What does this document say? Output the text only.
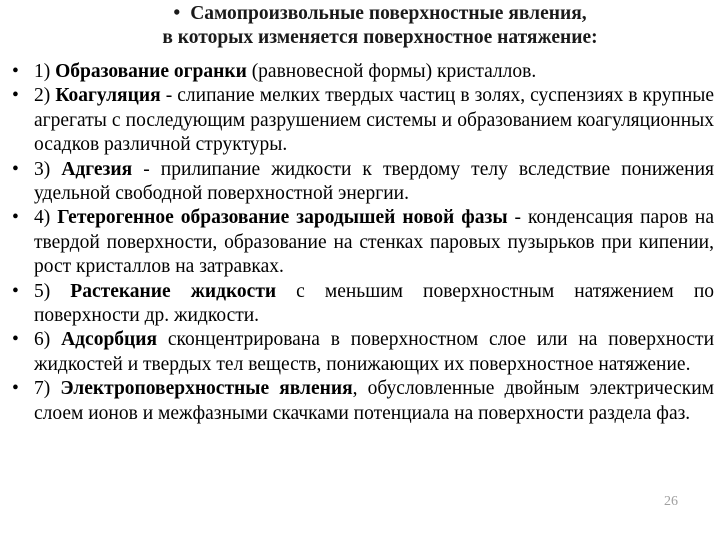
• Самопроизвольные поверхностные явления,
в которых изменяется поверхностное натяжение:
• 1) Образование огранки (равновесной формы) кристаллов.
• 2) Коагуляция - слипание мелких твердых частиц в золях, суспензиях в крупные агрегаты с последующим разрушением системы и образованием коагуляционных осадков различной структуры.
• 3) Адгезия - прилипание жидкости к твердому телу вследствие понижения удельной свободной поверхностной энергии.
• 4) Гетерогенное образование зародышей новой фазы - конденсация паров на твердой поверхности, образование на стенках паровых пузырьков при кипении, рост кристаллов на затравках.
• 5) Растекание жидкости с меньшим поверхностным натяжением по поверхности др. жидкости.
• 6) Адсорбция сконцентрирована в поверхностном слое или на поверхности жидкостей и твердых тел веществ, понижающих их поверхностное натяжение.
• 7) Электроповерхностные явления, обусловленные двойным электрическим слоем ионов и межфазными скачками потенциала на поверхности раздела фаз.
26
